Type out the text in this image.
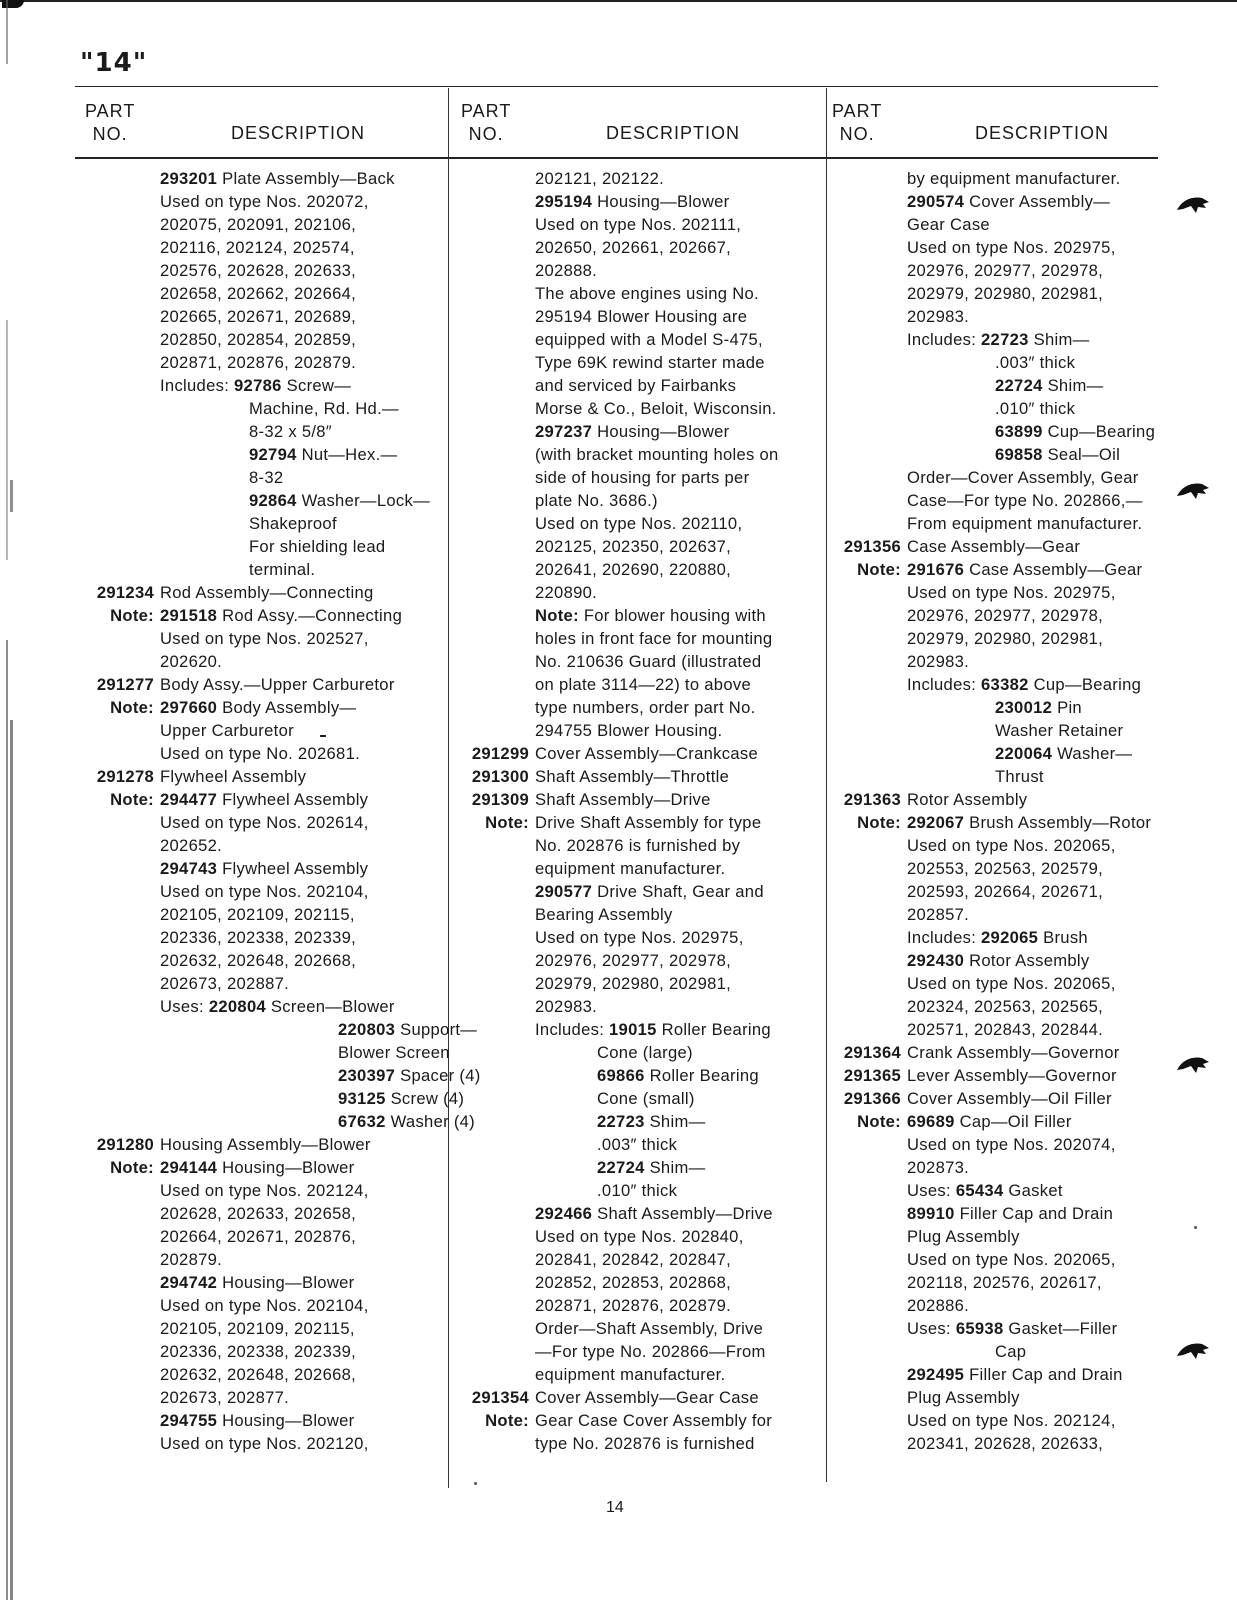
"14"
PART
NO.	DESCRIPTION
PART
NO.	DESCRIPTION
PART
NO.	DESCRIPTION
293201 Plate Assembly—Back
Used on type Nos. 202072,
202075, 202091, 202106,
202116, 202124, 202574,
202576, 202628, 202633,
202658, 202662, 202664,
202665, 202671, 202689,
202850, 202854, 202859,
202871, 202876, 202879.
Includes: 92786 Screw—
Machine, Rd. Hd.—
8-32 x 5/8″
92794 Nut—Hex.—
8-32
92864 Washer—Lock—
Shakeproof
For shielding lead
terminal.
291234 Rod Assembly—Connecting
Note: 291518 Rod Assy.—Connecting
Used on type Nos. 202527,
202620.
291277 Body Assy.—Upper Carburetor
Note: 297660 Body Assembly—
Upper Carburetor
Used on type No. 202681.
291278 Flywheel Assembly
Note: 294477 Flywheel Assembly
Used on type Nos. 202614,
202652.
294743 Flywheel Assembly
Used on type Nos. 202104,
202105, 202109, 202115,
202336, 202338, 202339,
202632, 202648, 202668,
202673, 202887.
Uses: 220804 Screen—Blower
220803 Support—
Blower Screen
230397 Spacer (4)
93125 Screw (4)
67632 Washer (4)
291280 Housing Assembly—Blower
Note: 294144 Housing—Blower
Used on type Nos. 202124,
202628, 202633, 202658,
202664, 202671, 202876,
202879.
294742 Housing—Blower
Used on type Nos. 202104,
202105, 202109, 202115,
202336, 202338, 202339,
202632, 202648, 202668,
202673, 202877.
294755 Housing—Blower
Used on type Nos. 202120,
202121, 202122.
295194 Housing—Blower
Used on type Nos. 202111,
202650, 202661, 202667,
202888.
The above engines using No.
295194 Blower Housing are
equipped with a Model S-475,
Type 69K rewind starter made
and serviced by Fairbanks
Morse & Co., Beloit, Wisconsin.
297237 Housing—Blower
(with bracket mounting holes on
side of housing for parts per
plate No. 3686.)
Used on type Nos. 202110,
202125, 202350, 202637,
202641, 202690, 220880,
220890.
Note: For blower housing with
holes in front face for mounting
No. 210636 Guard (illustrated
on plate 3114—22) to above
type numbers, order part No.
294755 Blower Housing.
291299 Cover Assembly—Crankcase
291300 Shaft Assembly—Throttle
291309 Shaft Assembly—Drive
Note: Drive Shaft Assembly for type
No. 202876 is furnished by
equipment manufacturer.
290577 Drive Shaft, Gear and
Bearing Assembly
Used on type Nos. 202975,
202976, 202977, 202978,
202979, 202980, 202981,
202983.
Includes: 19015 Roller Bearing
Cone (large)
69866 Roller Bearing
Cone (small)
22723 Shim—
.003″ thick
22724 Shim—
.010″ thick
292466 Shaft Assembly—Drive
Used on type Nos. 202840,
202841, 202842, 202847,
202852, 202853, 202868,
202871, 202876, 202879.
Order—Shaft Assembly, Drive
—For type No. 202866—From
equipment manufacturer.
291354 Cover Assembly—Gear Case
Note: Gear Case Cover Assembly for
type No. 202876 is furnished
by equipment manufacturer.
290574 Cover Assembly—
Gear Case
Used on type Nos. 202975,
202976, 202977, 202978,
202979, 202980, 202981,
202983.
Includes: 22723 Shim—
.003″ thick
22724 Shim—
.010″ thick
63899 Cup—Bearing
69858 Seal—Oil
Order—Cover Assembly, Gear
Case—For type No. 202866,—
From equipment manufacturer.
291356 Case Assembly—Gear
Note: 291676 Case Assembly—Gear
Used on type Nos. 202975,
202976, 202977, 202978,
202979, 202980, 202981,
202983.
Includes: 63382 Cup—Bearing
230012 Pin
Washer Retainer
220064 Washer—
Thrust
291363 Rotor Assembly
Note: 292067 Brush Assembly—Rotor
Used on type Nos. 202065,
202553, 202563, 202579,
202593, 202664, 202671,
202857.
Includes: 292065 Brush
292430 Rotor Assembly
Used on type Nos. 202065,
202324, 202563, 202565,
202571, 202843, 202844.
291364 Crank Assembly—Governor
291365 Lever Assembly—Governor
291366 Cover Assembly—Oil Filler
Note: 69689 Cap—Oil Filler
Used on type Nos. 202074,
202873.
Uses: 65434 Gasket
89910 Filler Cap and Drain
Plug Assembly
Used on type Nos. 202065,
202118, 202576, 202617,
202886.
Uses: 65938 Gasket—Filler
Cap
292495 Filler Cap and Drain
Plug Assembly
Used on type Nos. 202124,
202341, 202628, 202633,
14
